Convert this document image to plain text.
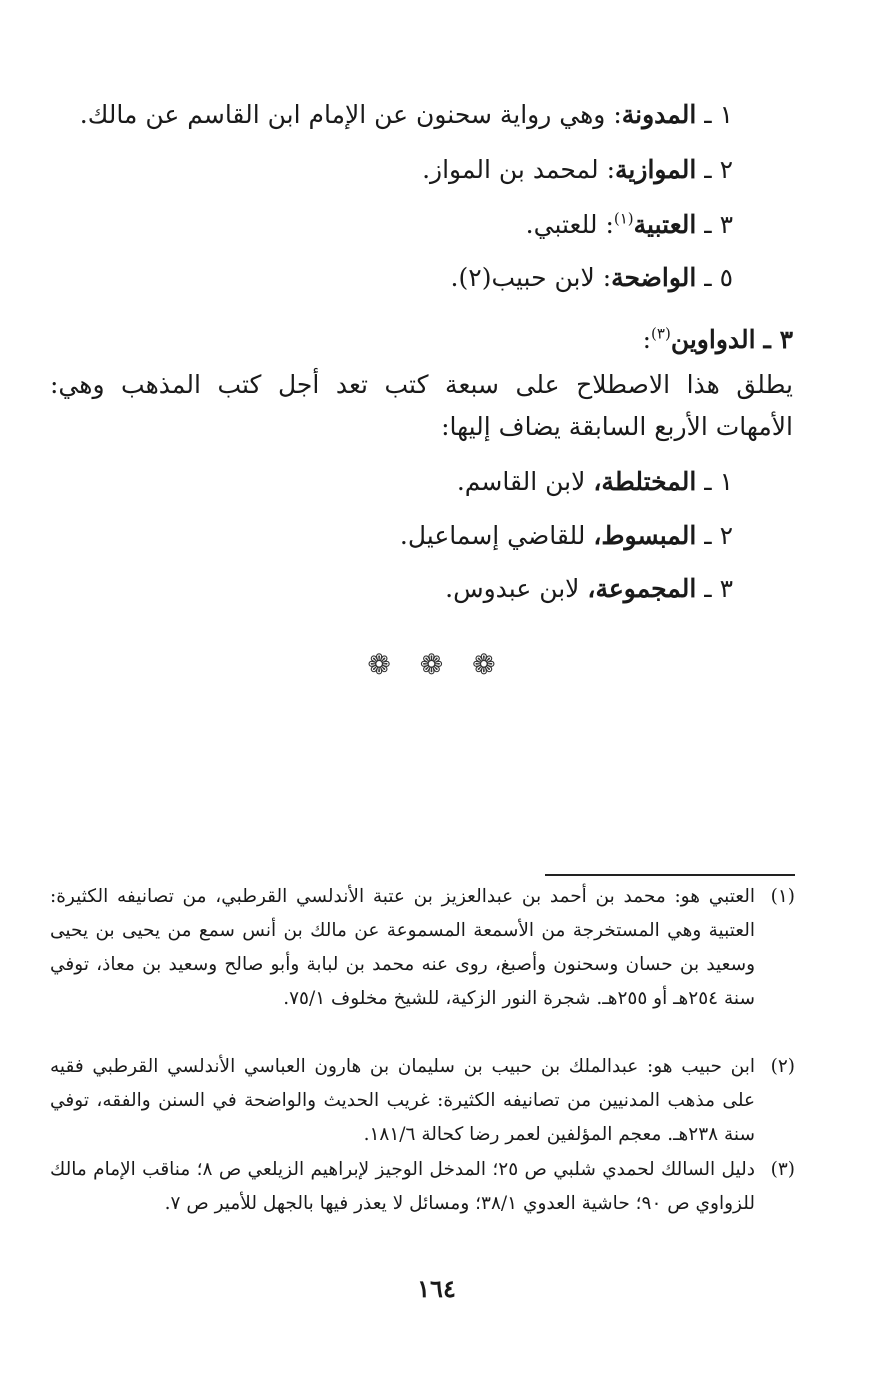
١ ـ المدونة: وهي رواية سحنون عن الإمام ابن القاسم عن مالك.
٢ ـ الموازية: لمحمد بن المواز.
٣ ـ العتبية$^{(١)}$: للعتبي.
٥ ـ الواضحة: لابن حبيب(٢).
٣ ـ الدواوين$^{(٣)}$:
يطلق هذا الاصطلاح على سبعة كتب تعد أجل كتب المذهب وهي:
الأمهات الأربع السابقة يضاف إليها:
١ ـ المختلطة، لابن القاسم.
٢ ـ المبسوط، للقاضي إسماعيل.
٣ ـ المجموعة، لابن عبدوس.
❁ ❁ ❁
(١)
العتبي هو: محمد بن أحمد بن عبدالعزيز بن عتبة الأندلسي القرطبي، من تصانيفه الكثيرة: العتبية وهي المستخرجة من الأسمعة المسموعة عن مالك بن أنس سمع من يحيى بن يحيى وسعيد بن حسان وسحنون وأصبغ، روى عنه محمد بن لبابة وأبو صالح وسعيد بن معاذ، توفي سنة ٢٥٤هـ أو ٢٥٥هـ. شجرة النور الزكية، للشيخ مخلوف ٧٥/١.
(٢)
ابن حبيب هو: عبدالملك بن حبيب بن سليمان بن هارون العباسي الأندلسي القرطبي فقيه على مذهب المدنيين من تصانيفه الكثيرة: غريب الحديث والواضحة في السنن والفقه، توفي سنة ٢٣٨هـ. معجم المؤلفين لعمر رضا كحالة ١٨١/٦.
(٣)
دليل السالك لحمدي شلبي ص ٢٥؛ المدخل الوجيز لإبراهيم الزيلعي ص ٨؛ مناقب الإمام مالك للزواوي ص ٩٠؛ حاشية العدوي ٣٨/١؛ ومسائل لا يعذر فيها بالجهل للأمير ص ٧.
١٦٤
